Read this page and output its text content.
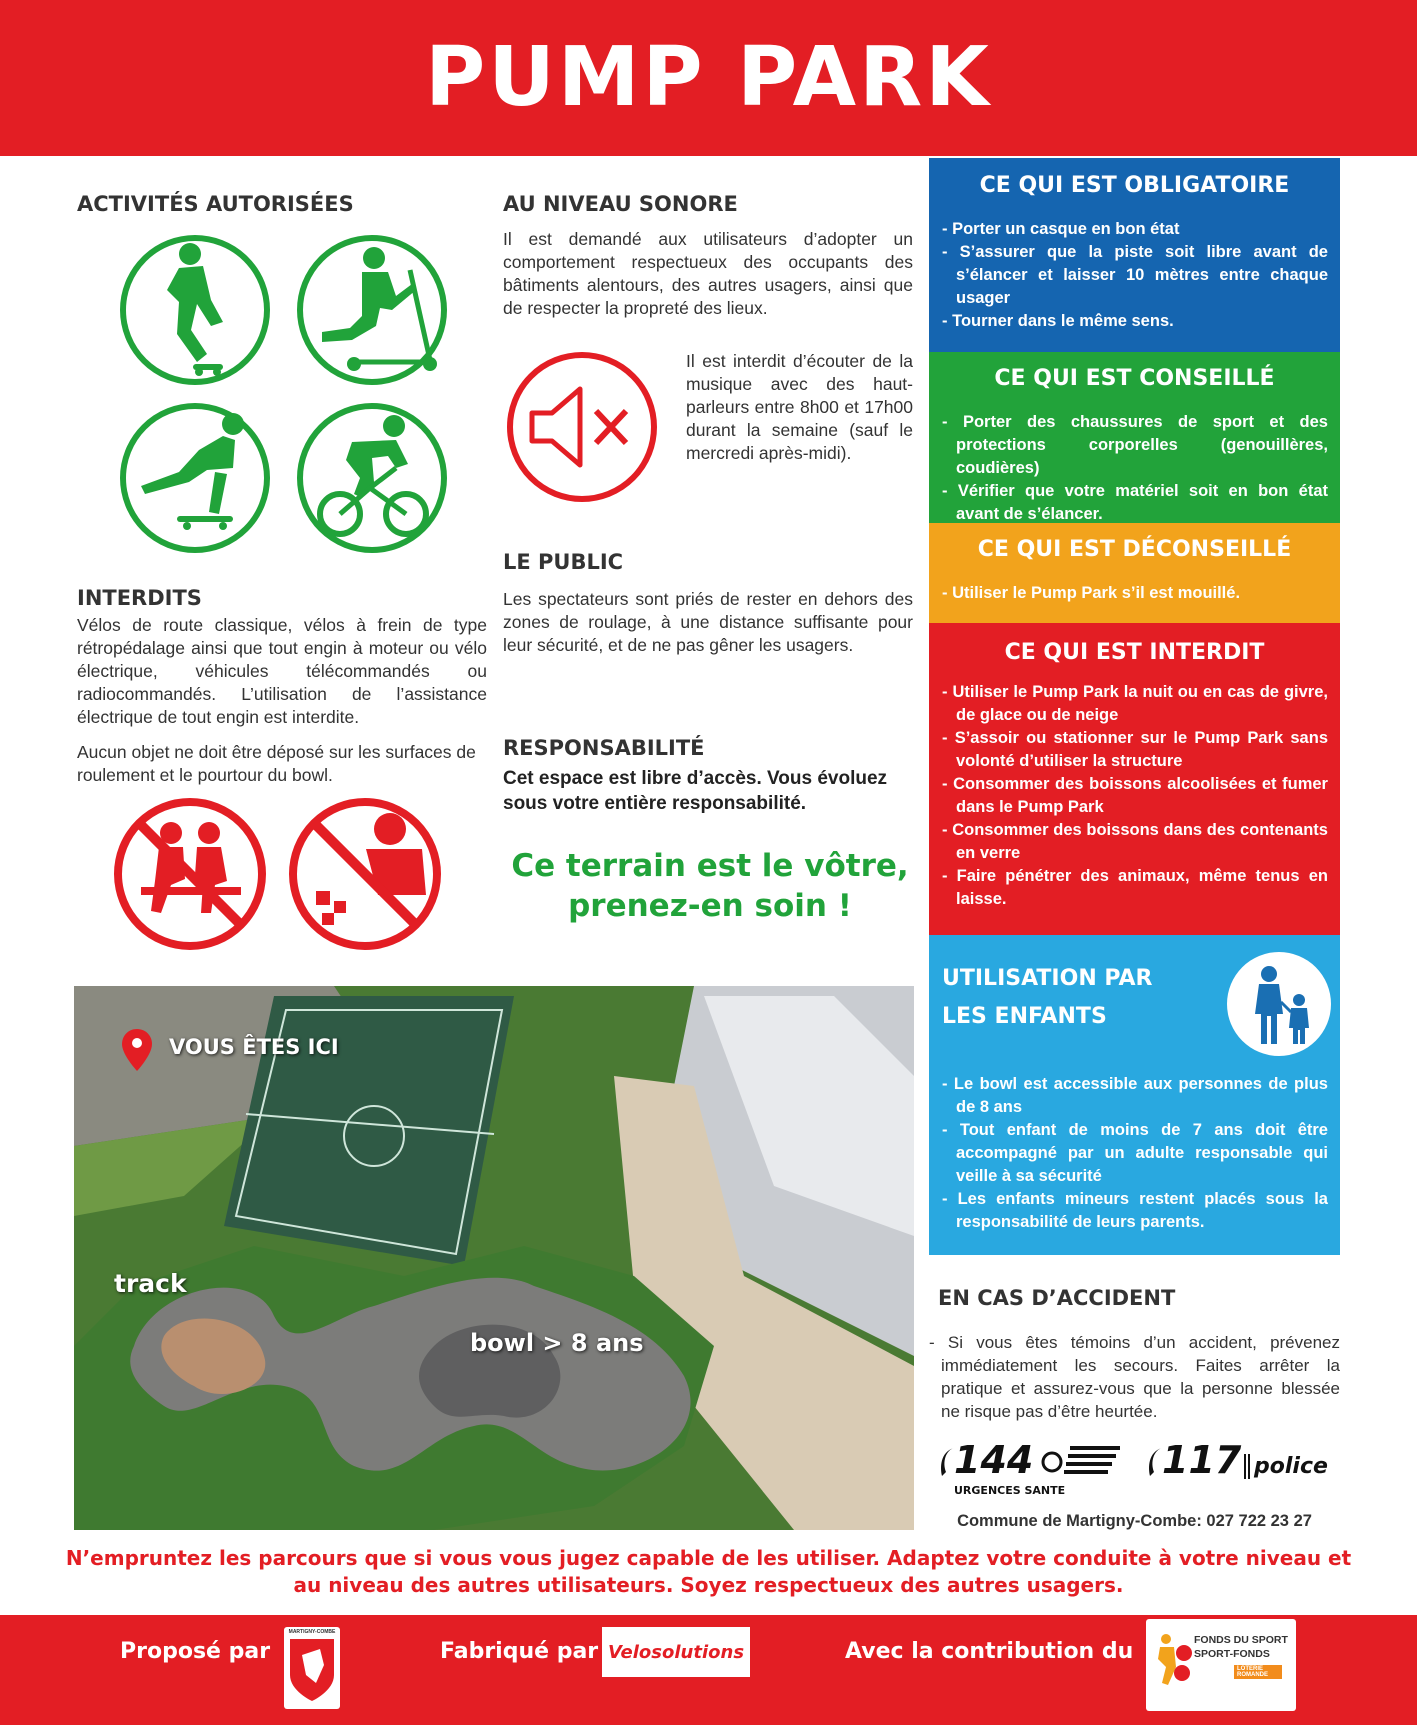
PUMP PARK
ACTIVITÉS AUTORISÉES
INTERDITS
Vélos de route classique, vélos à frein de type rétropédalage ainsi que tout engin à moteur ou vélo électrique, véhicules télécommandés ou radiocommandés. L’utilisation de l’assistance électrique de tout engin est interdite.
Aucun objet ne doit être déposé sur les surfaces de roulement et le pourtour du bowl.
AU NIVEAU SONORE
Il est demandé aux utilisateurs d’adopter un comportement respectueux des occupants des bâtiments alentours, des autres usagers, ainsi que de respecter la propreté des lieux.
Il est interdit d’écouter de la musique avec des haut-parleurs entre 8h00 et 17h00 durant la semaine (sauf le mercredi après-midi).
LE PUBLIC
Les spectateurs sont priés de rester en dehors des zones de roulage, à une distance suffisante pour leur sécurité, et de ne pas gêner les usagers.
RESPONSABILITÉ
Cet espace est libre d’accès. Vous évoluez sous votre entière responsabilité.
Ce terrain est le vôtre,
prenez-en soin !
CE QUI EST OBLIGATOIRE
- Porter un casque en bon état
- S’assurer que la piste soit libre avant de s’élancer et laisser 10 mètres entre chaque usager
- Tourner dans le même sens.
CE QUI EST CONSEILLÉ
- Porter des chaussures de sport et des protections corporelles (genouillères, coudières)
- Vérifier que votre matériel soit en bon état avant de s’élancer.
CE QUI EST DÉCONSEILLÉ
- Utiliser le Pump Park s’il est mouillé.
CE QUI EST INTERDIT
- Utiliser le Pump Park la nuit ou en cas de givre, de glace ou de neige
- S’assoir ou stationner sur le Pump Park sans volonté d’utiliser la structure
- Consommer des boissons alcoolisées et fumer dans le Pump Park
- Consommer des boissons dans des contenants en verre
- Faire pénétrer des animaux, même tenus en laisse.
UTILISATION PAR
LES ENFANTS
- Le bowl est accessible aux personnes de plus de 8 ans
- Tout enfant de moins de 7 ans doit être accompagné par un adulte responsable qui veille à sa sécurité
- Les enfants mineurs restent placés sous la responsabilité de leurs parents.
EN CAS D’ACCIDENT
- Si vous êtes témoins d’un accident, prévenez immédiatement les secours. Faites arrêter la pratique et assurez-vous que la personne blessée ne risque pas d’être heurtée.
144
URGENCES SANTE
117 police
Commune de Martigny-Combe: 027 722 23 27
VOUS ÊTES ICI
track
bowl > 8 ans
N’empruntez les parcours que si vous vous jugez capable de les utiliser. Adaptez votre conduite à votre niveau et
au niveau des autres utilisateurs. Soyez respectueux des autres usagers.
Proposé par
MARTIGNY-COMBE
Fabriqué par Velosolutions	Avec la contribution du	FONDS DU SPORT
SPORT-FONDS
LOTERIE ROMANDE
